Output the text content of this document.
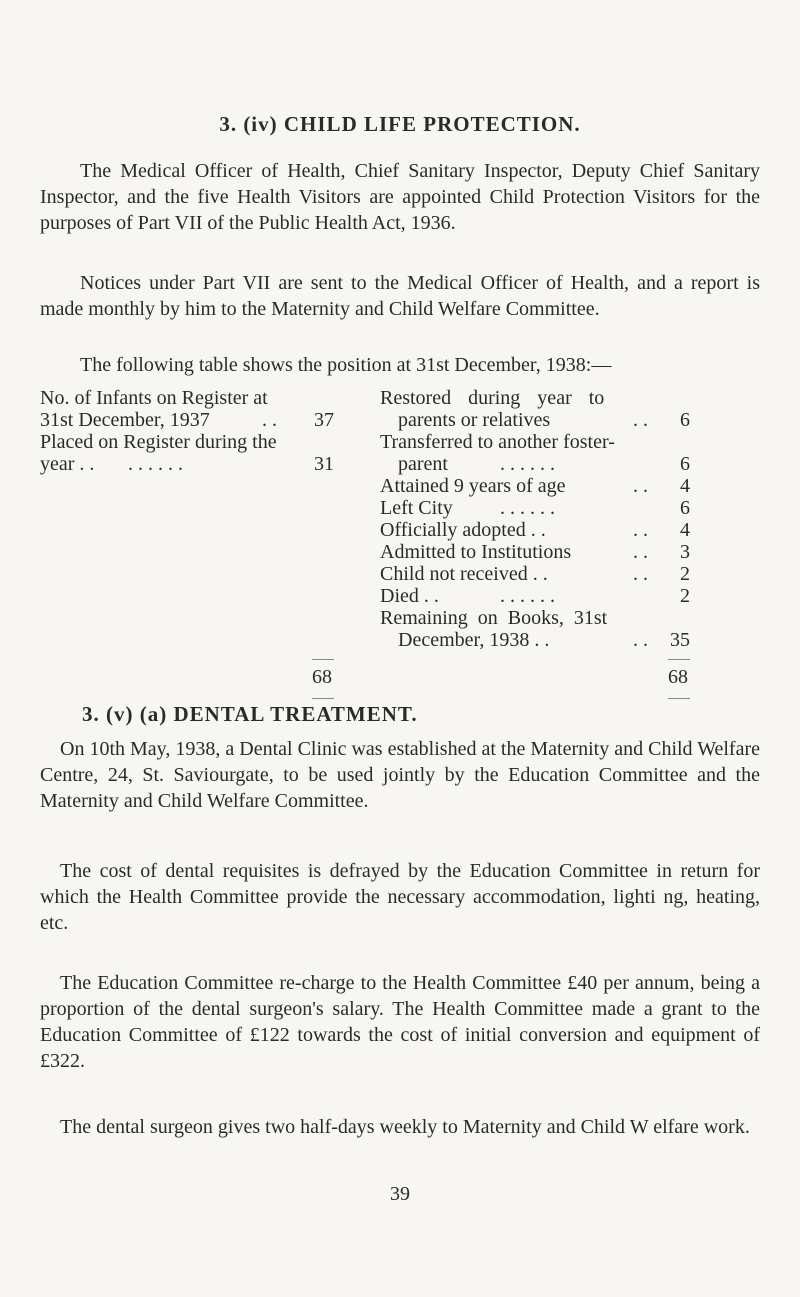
3. (iv) CHILD LIFE PROTECTION.

The Medical Officer of Health, Chief Sanitary Inspector, Deputy Chief Sanitary Inspector, and the five Health Visitors are appointed Child Protection Visitors for the purposes of Part VII of the Public Health Act, 1936.

Notices under Part VII are sent to the Medical Officer of Health, and a report is made monthly by him to the Maternity and Child Welfare Committee.

The following table shows the position at 31st December, 1938:—

No. of Infants on Register at
31st December, 1937	. . 37
Placed on Register during the
year . . . . . . . .	31
Restored during year to
parents or relatives	. . 6
Transferred to another foster-
parent	. . . . . .	6
Attained 9 years of age	. . 4
Left City . . . . . .	6
Officially adopted . .	. . 4
Admitted to Institutions	. . 3
Child not received . .	. . 2
Died . .	. . . . . .	2
Remaining on Books, 31st
December, 1938 . .	. . 35
68	68
3. (v) (a) DENTAL TREATMENT.

On 10th May, 1938, a Dental Clinic was established at the Maternity and Child Welfare Centre, 24, St. Saviourgate, to be used jointly by the Education Committee and the Maternity and Child Welfare Committee.

The cost of dental requisites is defrayed by the Education Committee in return for which the Health Committee provide the necessary accommodation, lighti ng, heating, etc.

The Education Committee re-charge to the Health Committee £40 per annum, being a proportion of the dental surgeon's salary. The Health Committee made a grant to the Education Committee of £122 towards the cost of initial conversion and equipment of £322.

The dental surgeon gives two half-days weekly to Maternity and Child W elfare work.

39
